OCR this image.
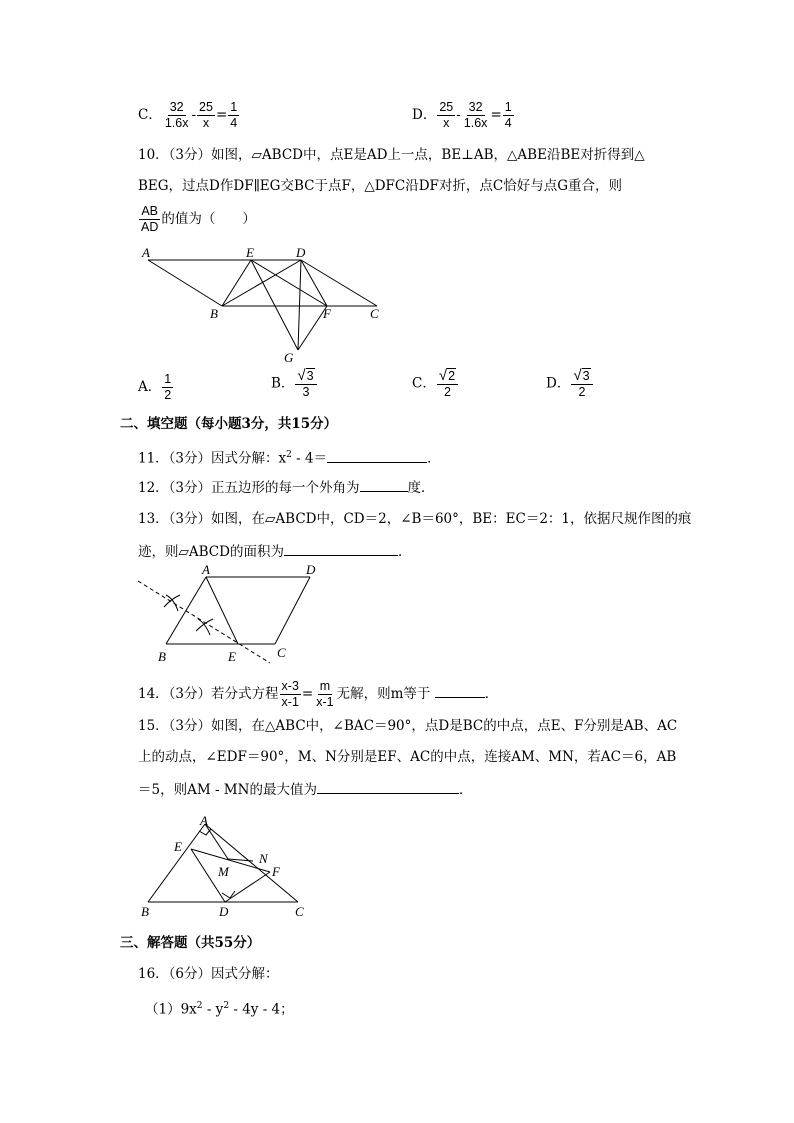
C． $\frac{32}{1.6x} - \frac{25}{x} = \frac{1}{4}$	D． $\frac{25}{x} - \frac{32}{1.6x} = \frac{1}{4}$
10．（3分）如图，▱ABCD中，点E是AD上一点，BE⊥AB，△ABE沿BE对折得到△
BEG，过点D作DF∥EG交BC于点F，△DFC沿DF对折，点C恰好与点G重合，则
$\frac{AB}{AD}$ 的值为（　　）
A	E	D
B	F	C
G
A． $\frac{1}{2}$	B． $\frac{√ 3}{3}$	C． $\frac{√ 2}{2}$	D． $\frac{√ 3}{2}$
二、填空题（每小题3分，共15分）
11．（3分）因式分解：$x^2 - 4=$	．
12．（3分）正五边形的每一个外角为	度．
13．（3分）如图，在▱ABCD中，CD＝2，∠B＝60°，BE：EC＝2：1，依据尺规作图的痕
迹，则▱ABCD的面积为	．
A	D
B	E	C
14．（3分）若分式方程 $\frac{x-3}{x-1} = \frac{m}{x-1}$ 无解，则m等于	．
15．（3分）如图，在△ABC中，∠BAC＝90°，点D是BC的中点，点E、F分别是AB、AC
上的动点，∠EDF＝90°，M、N分别是EF、AC的中点，连接AM、MN，若AC＝6，AB
＝5，则AM - MN的最大值为	．
A
E
N
M	F
B	D	C
三、解答题（共55分）
16．（6分）因式分解：
$(1)9x^2 - y^2 - 4y - 4$；
